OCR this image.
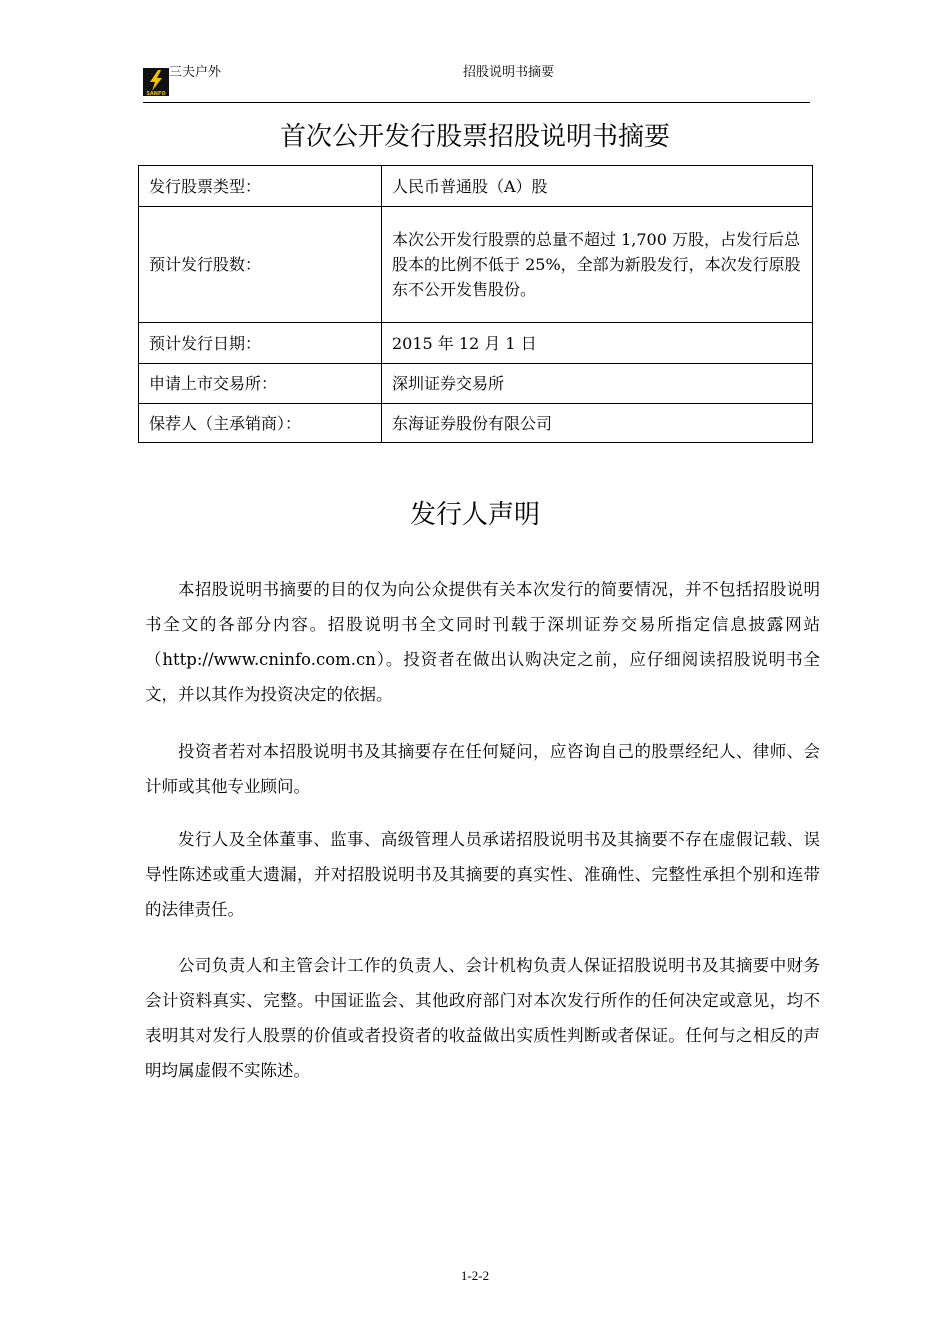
SANFO
三夫户外	招股说明书摘要
首次公开发行股票招股说明书摘要
发行股票类型：	人民币普通股（A）股
预计发行股数：	本次公开发行股票的总量不超过 1,700 万股，占发行后总股本的比例不低于 25%，全部为新股发行，本次发行原股东不公开发售股份。
预计发行日期：	2015 年 12 月 1 日
申请上市交易所：	深圳证券交易所
保荐人（主承销商）：	东海证券股份有限公司
发行人声明

本招股说明书摘要的目的仅为向公众提供有关本次发行的简要情况，并不包括招股说明书全文的各部分内容。招股说明书全文同时刊载于深圳证券交易所指定信息披露网站（http://www.cninfo.com.cn）。投资者在做出认购决定之前，应仔细阅读招股说明书全文，并以其作为投资决定的依据。

投资者若对本招股说明书及其摘要存在任何疑问，应咨询自己的股票经纪人、律师、会计师或其他专业顾问。

发行人及全体董事、监事、高级管理人员承诺招股说明书及其摘要不存在虚假记载、误导性陈述或重大遗漏，并对招股说明书及其摘要的真实性、准确性、完整性承担个别和连带的法律责任。

公司负责人和主管会计工作的负责人、会计机构负责人保证招股说明书及其摘要中财务会计资料真实、完整。中国证监会、其他政府部门对本次发行所作的任何决定或意见，均不表明其对发行人股票的价值或者投资者的收益做出实质性判断或者保证。任何与之相反的声明均属虚假不实陈述。

1-2-2
